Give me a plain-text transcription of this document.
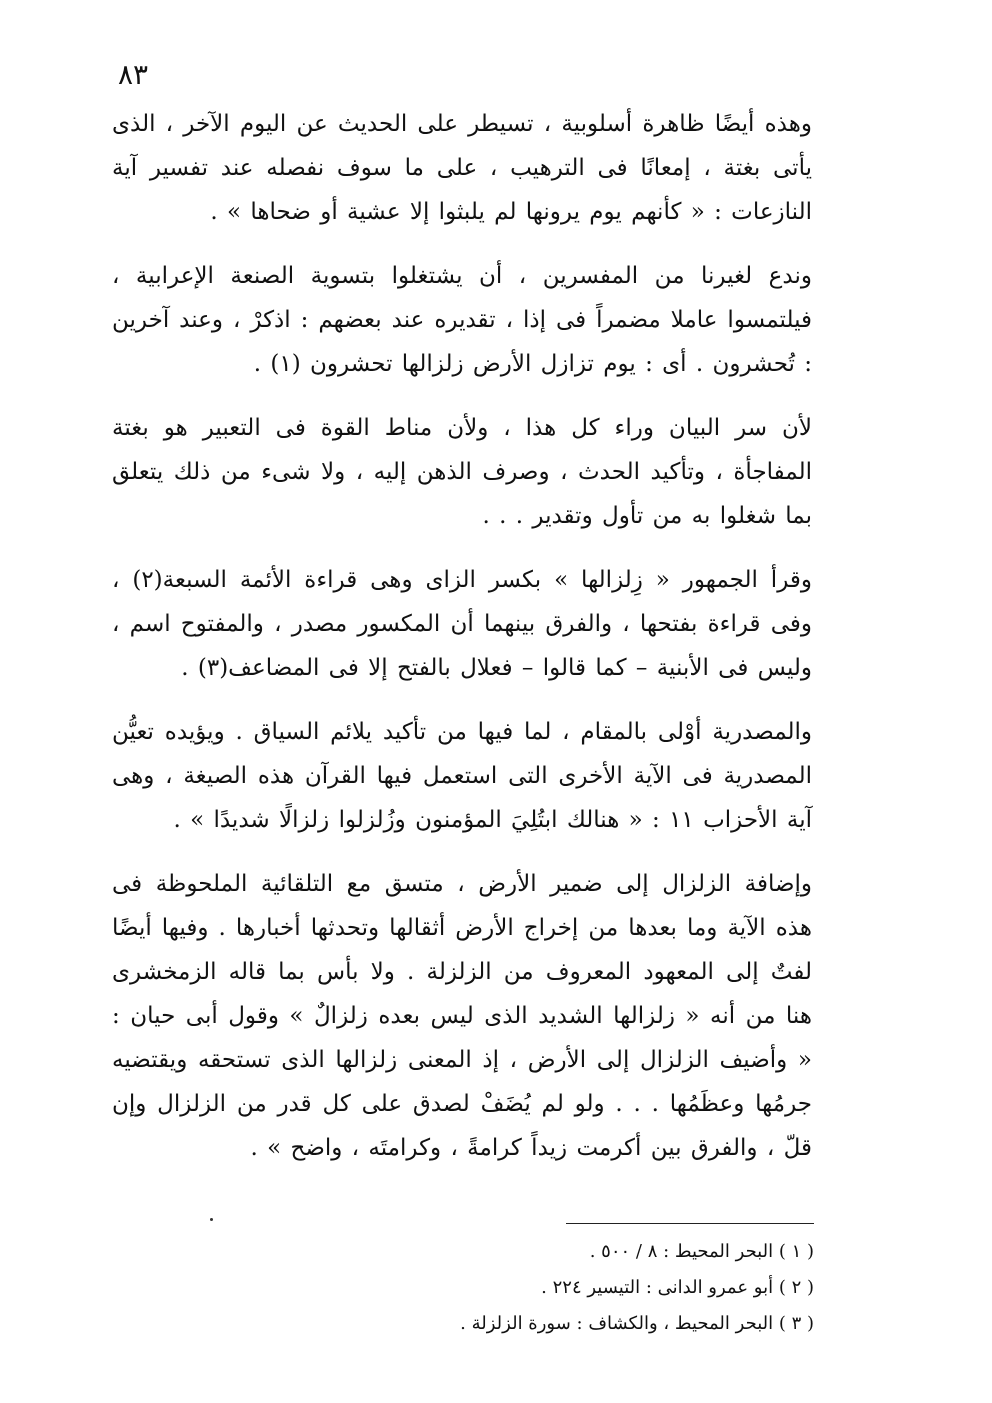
٨٣

وهذه أيضًا ظاهرة أسلوبية ، تسيطر على الحديث عن اليوم الآخر ، الذى يأتى بغتة ، إمعانًا فى الترهيب ، على ما سوف نفصله عند تفسير آية النازعات : « كأنهم يوم يرونها لم يلبثوا إلا عشية أو ضحاها » .

وندع لغيرنا من المفسرين ، أن يشتغلوا بتسوية الصنعة الإعرابية ، فيلتمسوا عاملا مضمراً فى إذا ، تقديره عند بعضهم : اذكرْ ، وعند آخرين : تُحشرون . أى : يوم تزازل الأرض زلزالها تحشرون (١) .

لأن سر البيان وراء كل هذا ، ولأن مناط القوة فى التعبير هو بغتة المفاجأة ، وتأكيد الحدث ، وصرف الذهن إليه ، ولا شىء من ذلك يتعلق بما شغلوا به من تأول وتقدير . . .

وقرأ الجمهور « زِلزالها » بكسر الزاى وهى قراءة الأئمة السبعة(٢) ، وفى قراءة بفتحها ، والفرق بينهما أن المكسور مصدر ، والمفتوح اسم ، وليس فى الأبنية – كما قالوا – فعلال بالفتح إلا فى المضاعف(٣) .

والمصدرية أوْلى بالمقام ، لما فيها من تأكيد يلائم السياق . ويؤيده تعيُّن المصدرية فى الآية الأخرى التى استعمل فيها القرآن هذه الصيغة ، وهى آية الأحزاب ١١ : « هنالك ابتُلِيَ المؤمنون وزُلزلوا زلزالًا شديدًا » .

وإضافة الزلزال إلى ضمير الأرض ، متسق مع التلقائية الملحوظة فى هذه الآية وما بعدها من إخراج الأرض أثقالها وتحدثها أخبارها . وفيها أيضًا لفتٌ إلى المعهود المعروف من الزلزلة . ولا بأس بما قاله الزمخشرى هنا من أنه « زلزالها الشديد الذى ليس بعده زلزالٌ » وقول أبى حيان : « وأضيف الزلزال إلى الأرض ، إذ المعنى زلزالها الذى تستحقه ويقتضيه جرمُها وعظَمُها . . . ولو لم يُضَفْ لصدق على كل قدر من الزلزال وإن قلّ ، والفرق بين أكرمت زيداً كرامةً ، وكرامتَه ، واضح » .

( ١ ) البحر المحيط : ٨ / ٥٠٠ .
( ٢ ) أبو عمرو الدانى : التيسير ٢٢٤ .
( ٣ ) البحر المحيط ، والكشاف : سورة الزلزلة .
